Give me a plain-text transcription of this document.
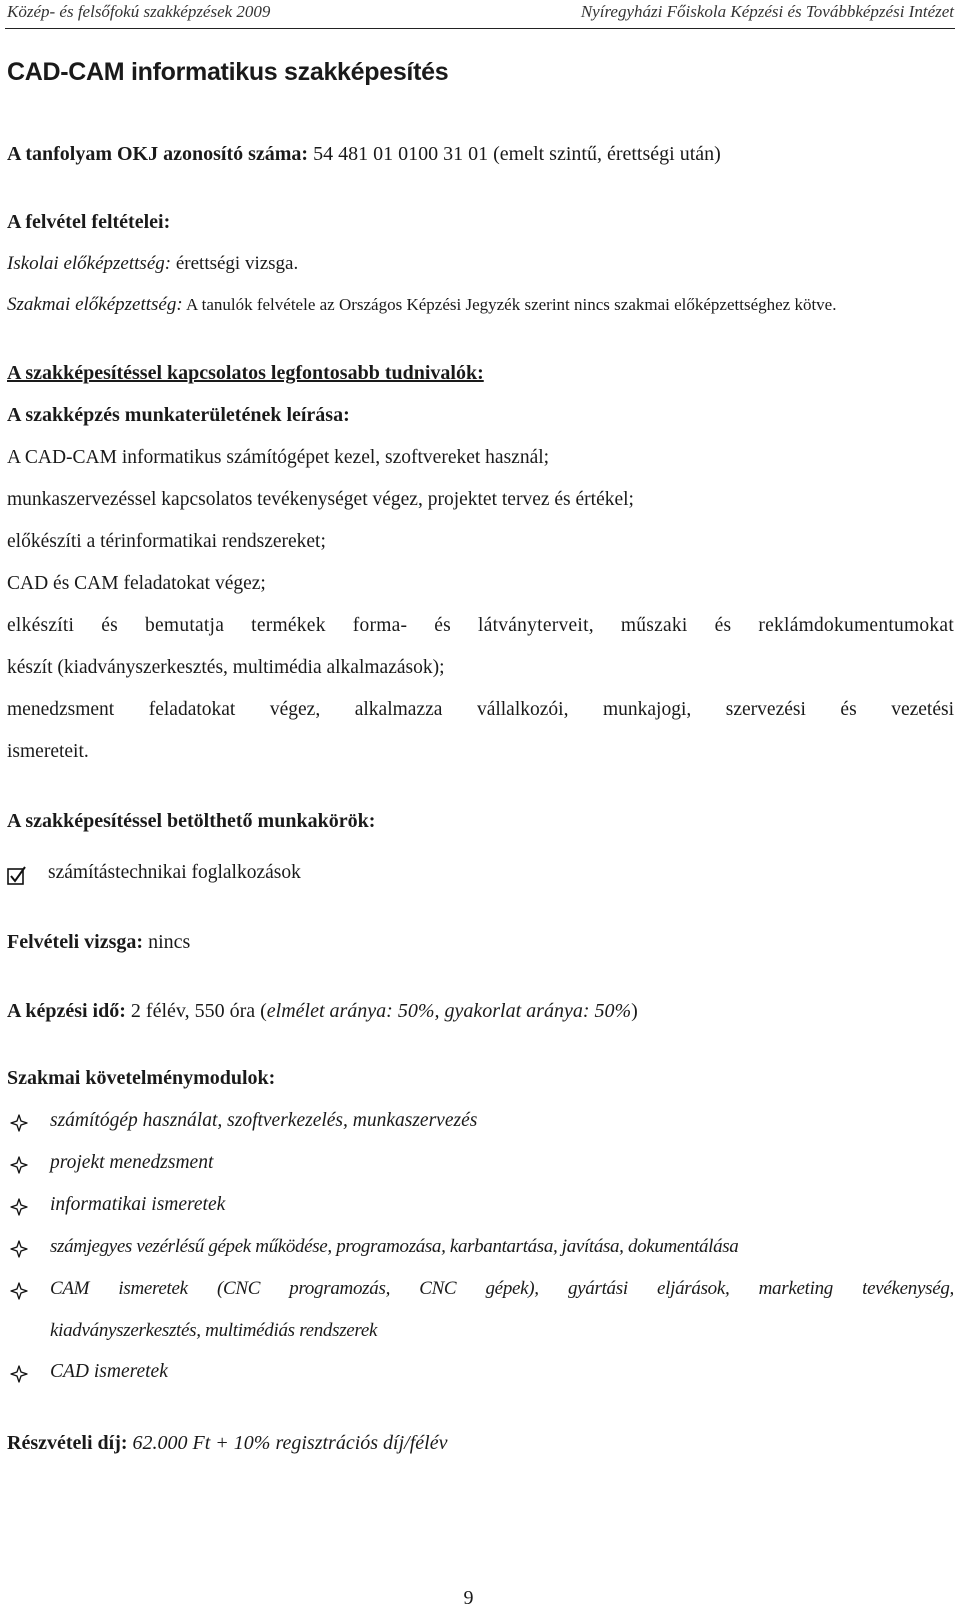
Közép- és felsőfokú szakképzések 2009	Nyíregyházi Főiskola Képzési és Továbbképzési Intézet
CAD-CAM informatikus szakképesítés
A tanfolyam OKJ azonosító száma: 54 481 01 0100 31 01 (emelt szintű, érettségi után)
A felvétel feltételei:
Iskolai előképzettség: érettségi vizsga.
Szakmai előképzettség: A tanulók felvétele az Országos Képzési Jegyzék szerint nincs szakmai előképzettséghez kötve.
A szakképesítéssel kapcsolatos legfontosabb tudnivalók:
A szakképzés munkaterületének leírása:
A CAD-CAM informatikus számítógépet kezel, szoftvereket használ;
munkaszervezéssel kapcsolatos tevékenységet végez, projektet tervez és értékel;
előkészíti a térinformatikai rendszereket;
CAD és CAM feladatokat végez;
elkészíti és bemutatja termékek forma- és látványterveit, műszaki és reklámdokumentumokat
készít (kiadványszerkesztés, multimédia alkalmazások);
menedzsment feladatokat végez, alkalmazza vállalkozói, munkajogi, szervezési és vezetési
ismereteit.
A szakképesítéssel betölthető munkakörök:
számítástechnikai foglalkozások
Felvételi vizsga: nincs
A képzési idő: 2 félév, 550 óra (elmélet aránya: 50%, gyakorlat aránya: 50%)
Szakmai követelménymodulok:
számítógép használat, szoftverkezelés, munkaszervezés
projekt menedzsment
informatikai ismeretek
számjegyes vezérlésű gépek működése, programozása, karbantartása, javítása, dokumentálása
CAM ismeretek (CNC programozás, CNC gépek), gyártási eljárások, marketing tevékenység,
kiadványszerkesztés, multimédiás rendszerek
CAD ismeretek
Részvételi díj: 62.000 Ft + 10% regisztrációs díj/félév
9
